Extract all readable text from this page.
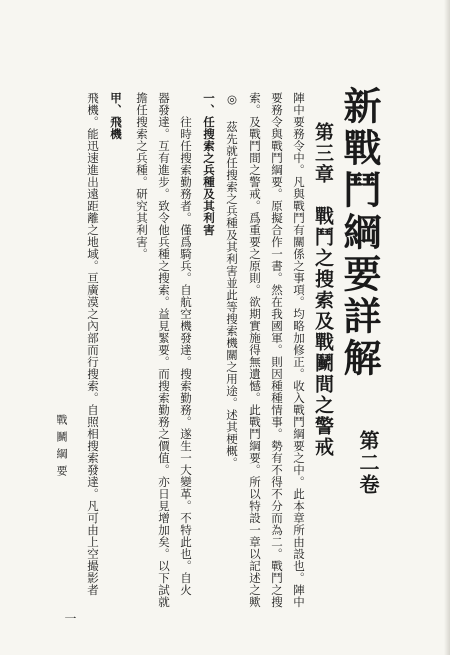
新戰鬥綱要詳解
第二卷
第三章　戰鬥之搜索及戰鬭間之警戒
陣中要務令中。凡與戰鬥有關係之事項。均略加修正。收入戰鬥綱要之中。此本章所由設也。陣中
要務令與戰鬥綱要。原擬合作一書。然在我國軍。則因種種情事。勢有不得不分而為二。戰鬥之搜
索。及戰鬥間之警戒。爲重要之原則。欲期實施得無遺憾。此戰鬥綱要。所以特設一章以記述之歟
◎ 茲先就任搜索之兵種及其利害並此等搜索機關之用途。述其梗概。
一、任搜索之兵種及其利害
往時任搜索勤務者。僅爲騎兵。自航空機發達。搜索勤務。遂生一大變革。不特此也。自火
器發達。互有進步。致令他兵種之搜索。益見緊要。而搜索勤務之價值。亦日見增加矣。以下試就
擔任搜索之兵種。研究其利害。
甲、飛機
飛機。能迅速進出遠距離之地域。亘廣漠之內部而行搜索。自照相搜索發達。凡可由上空撮影者
戰鬭綱要
一
